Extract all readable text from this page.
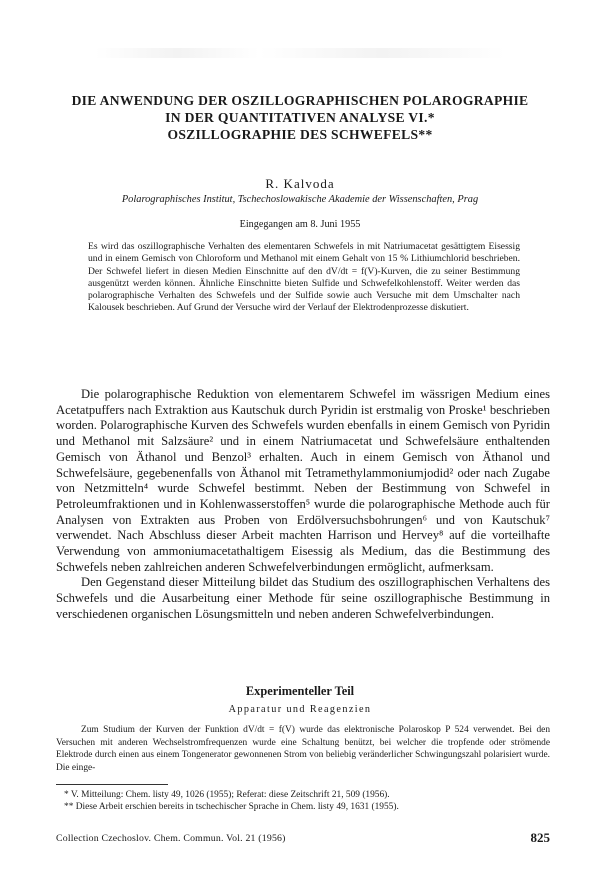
DIE ANWENDUNG DER OSZILLOGRAPHISCHEN POLAROGRAPHIE
IN DER QUANTITATIVEN ANALYSE VI.*
OSZILLOGRAPHIE DES SCHWEFELS**
R. Kalvoda
Polarographisches Institut, Tschechoslowakische Akademie der Wissenschaften, Prag
Eingegangen am 8. Juni 1955
Es wird das oszillographische Verhalten des elementaren Schwefels in mit Natriumacetat gesättigtem Eisessig und in einem Gemisch von Chloroform und Methanol mit einem Gehalt von 15 % Lithiumchlorid beschrieben. Der Schwefel liefert in diesen Medien Einschnitte auf den dV/dt = f(V)-Kurven, die zu seiner Bestimmung ausgenützt werden können. Ähnliche Einschnitte bieten Sulfide und Schwefelkohlenstoff. Weiter werden das polarographische Verhalten des Schwefels und der Sulfide sowie auch Versuche mit dem Umschalter nach Kalousek beschrieben. Auf Grund der Versuche wird der Verlauf der Elektrodenprozesse diskutiert.

Die polarographische Reduktion von elementarem Schwefel im wässrigen Medium eines Acetatpuffers nach Extraktion aus Kautschuk durch Pyridin ist erstmalig von Proske¹ beschrieben worden. Polarographische Kurven des Schwefels wurden ebenfalls in einem Gemisch von Pyridin und Methanol mit Salzsäure² und in einem Natriumacetat und Schwefelsäure enthaltenden Gemisch von Äthanol und Benzol³ erhalten. Auch in einem Gemisch von Äthanol und Schwefelsäure, gegebenenfalls von Äthanol mit Tetramethylammoniumjodid² oder nach Zugabe von Netzmitteln⁴ wurde Schwefel bestimmt. Neben der Bestimmung von Schwefel in Petroleumfraktionen und in Kohlenwasserstoffen⁵ wurde die polarographische Methode auch für Analysen von Extrakten aus Proben von Erdölversuchsbohrungen⁶ und von Kautschuk⁷ verwendet. Nach Abschluss dieser Arbeit machten Harrison und Hervey⁸ auf die vorteilhafte Verwendung von ammoniumacetathaltigem Eisessig als Medium, das die Bestimmung des Schwefels neben zahlreichen anderen Schwefelverbindungen ermöglicht, aufmerksam.

Den Gegenstand dieser Mitteilung bildet das Studium des oszillographischen Verhaltens des Schwefels und die Ausarbeitung einer Methode für seine oszillographische Bestimmung in verschiedenen organischen Lösungsmitteln und neben anderen Schwefelverbindungen.

Experimenteller Teil
Apparatur und Reagenzien
Zum Studium der Kurven der Funktion dV/dt = f(V) wurde das elektronische Polaroskop P 524 verwendet. Bei den Versuchen mit anderen Wechselstromfrequenzen wurde eine Schaltung benützt, bei welcher die tropfende oder strömende Elektrode durch einen aus einem Tongenerator gewonnenen Strom von beliebig veränderlicher Schwingungszahl polarisiert wurde. Die einge-
* V. Mitteilung: Chem. listy 49, 1026 (1955); Referat: diese Zeitschrift 21, 509 (1956).
** Diese Arbeit erschien bereits in tschechischer Sprache in Chem. listy 49, 1631 (1955).
Collection Czechoslov. Chem. Commun. Vol. 21 (1956)	825
